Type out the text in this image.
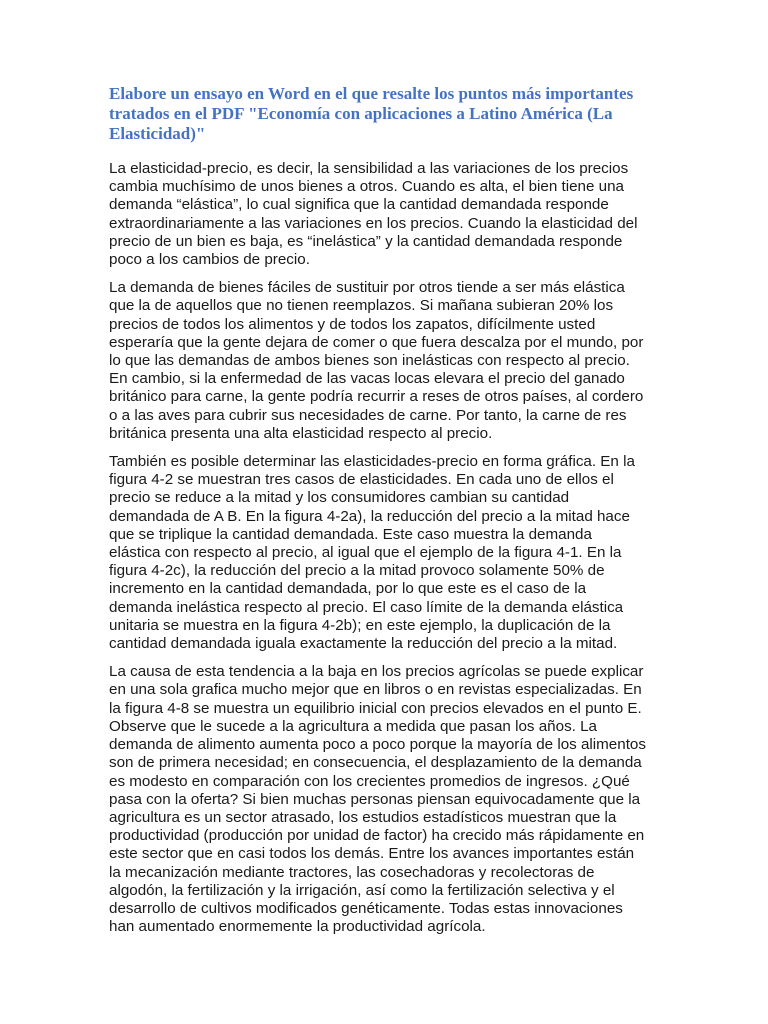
Elabore un ensayo en Word en el que resalte los puntos más importantes
tratados en el PDF "Economía con aplicaciones a Latino América (La
Elasticidad)"

La elasticidad-precio, es decir, la sensibilidad a las variaciones de los precios
cambia muchísimo de unos bienes a otros. Cuando es alta, el bien tiene una
demanda “elástica”, lo cual significa que la cantidad demandada responde
extraordinariamente a las variaciones en los precios. Cuando la elasticidad del
precio de un bien es baja, es “inelástica” y la cantidad demandada responde
poco a los cambios de precio.

La demanda de bienes fáciles de sustituir por otros tiende a ser más elástica
que la de aquellos que no tienen reemplazos. Si mañana subieran 20% los
precios de todos los alimentos y de todos los zapatos, difícilmente usted
esperaría que la gente dejara de comer o que fuera descalza por el mundo, por
lo que las demandas de ambos bienes son inelásticas con respecto al precio.
En cambio, si la enfermedad de las vacas locas elevara el precio del ganado
británico para carne, la gente podría recurrir a reses de otros países, al cordero
o a las aves para cubrir sus necesidades de carne. Por tanto, la carne de res
británica presenta una alta elasticidad respecto al precio.

También es posible determinar las elasticidades-precio en forma gráfica. En la
figura 4-2 se muestran tres casos de elasticidades. En cada uno de ellos el
precio se reduce a la mitad y los consumidores cambian su cantidad
demandada de A B. En la figura 4-2a), la reducción del precio a la mitad hace
que se triplique la cantidad demandada. Este caso muestra la demanda
elástica con respecto al precio, al igual que el ejemplo de la figura 4-1. En la
figura 4-2c), la reducción del precio a la mitad provoco solamente 50% de
incremento en la cantidad demandada, por lo que este es el caso de la
demanda inelástica respecto al precio. El caso límite de la demanda elástica
unitaria se muestra en la figura 4-2b); en este ejemplo, la duplicación de la
cantidad demandada iguala exactamente la reducción del precio a la mitad.

La causa de esta tendencia a la baja en los precios agrícolas se puede explicar
en una sola grafica mucho mejor que en libros o en revistas especializadas. En
la figura 4-8 se muestra un equilibrio inicial con precios elevados en el punto E.
Observe que le sucede a la agricultura a medida que pasan los años. La
demanda de alimento aumenta poco a poco porque la mayoría de los alimentos
son de primera necesidad; en consecuencia, el desplazamiento de la demanda
es modesto en comparación con los crecientes promedios de ingresos. ¿Qué
pasa con la oferta? Si bien muchas personas piensan equivocadamente que la
agricultura es un sector atrasado, los estudios estadísticos muestran que la
productividad (producción por unidad de factor) ha crecido más rápidamente en
este sector que en casi todos los demás. Entre los avances importantes están
la mecanización mediante tractores, las cosechadoras y recolectoras de
algodón, la fertilización y la irrigación, así como la fertilización selectiva y el
desarrollo de cultivos modificados genéticamente. Todas estas innovaciones
han aumentado enormemente la productividad agrícola.
